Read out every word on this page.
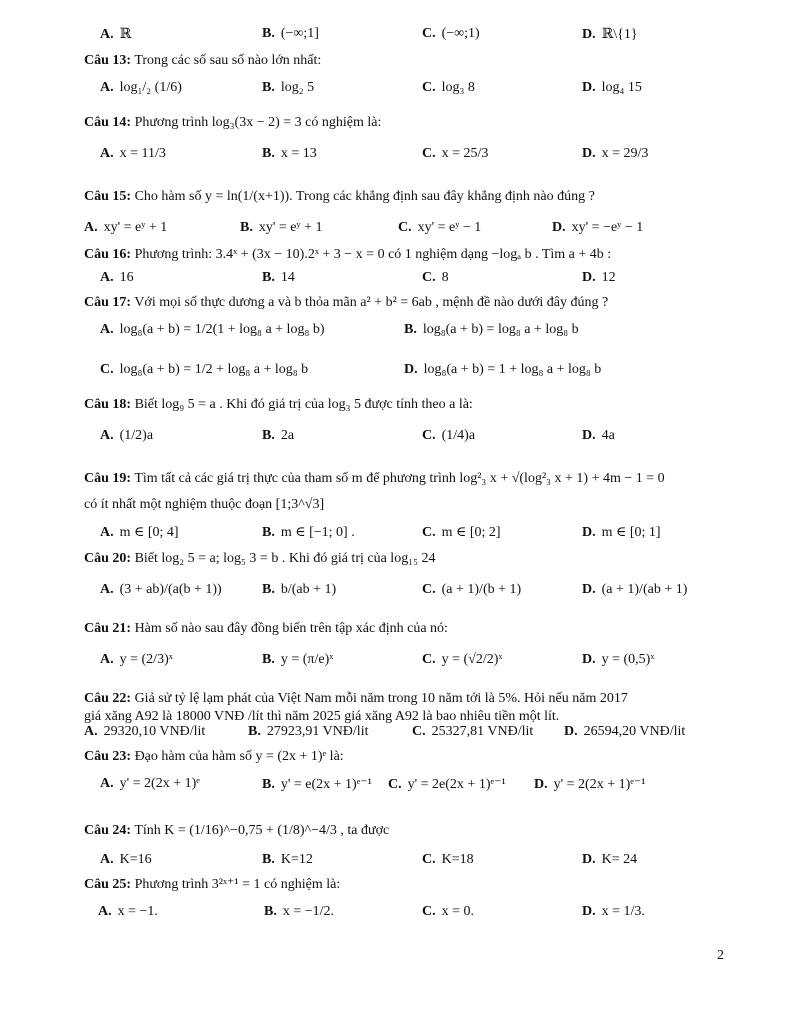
A. ℝ	B. (−∞;1]	C. (−∞;1)	D. ℝ\{1}
Câu 13: Trong các số sau số nào lớn nhất:
A. log₁/₂ (1/6)	B. log₂ 5	C. log₃ 8	D. log₄ 15
Câu 14: Phương trình log₃(3x − 2) = 3 có nghiệm là:
A. x = 11/3	B. x = 13	C. x = 25/3	D. x = 29/3
Câu 15: Cho hàm số y = ln(1/(x+1)). Trong các khẳng định sau đây khẳng định nào đúng ?
A. xy' = eʸ + 1	B. xy' = eʸ + 1	C. xy' = eʸ − 1	D. xy' = −eʸ − 1
Câu 16: Phương trình: 3.4ˣ + (3x − 10).2ˣ + 3 − x = 0 có 1 nghiệm dạng −logₐ b . Tìm a + 4b :
A. 16	B. 14	C. 8	D. 12
Câu 17: Với mọi số thực dương a và b thỏa mãn a² + b² = 6ab , mệnh đề nào dưới đây đúng ?
A. log₈(a + b) = 1/2(1 + log₈ a + log₈ b)	B. log₈(a + b) = log₈ a + log₈ b
C. log₈(a + b) = 1/2 + log₈ a + log₈ b	D. log₈(a + b) = 1 + log₈ a + log₈ b
Câu 18: Biết log₉ 5 = a . Khi đó giá trị của log₃ 5 được tính theo a là:
A. (1/2)a	B. 2a	C. (1/4)a	D. 4a
Câu 19: Tìm tất cả các giá trị thực của tham số m để phương trình log²₃ x + √(log²₃ x + 1) + 4m − 1 = 0
có ít nhất một nghiệm thuộc đoạn [1;3^√3]
A. m ∈ [0; 4]	B. m ∈ [−1; 0] .	C. m ∈ [0; 2]	D. m ∈ [0; 1]
Câu 20: Biết log₂ 5 = a; log₅ 3 = b . Khi đó giá trị của log₁₅ 24
A. (3 + ab)/(a(b + 1))	B. b/(ab + 1)	C. (a + 1)/(b + 1)	D. (a + 1)/(ab + 1)
Câu 21: Hàm số nào sau đây đồng biến trên tập xác định của nó:
A. y = (2/3)ˣ	B. y = (π/e)ˣ	C. y = (√2/2)ˣ	D. y = (0,5)ˣ
Câu 22: Giả sử tỷ lệ lạm phát của Việt Nam mỗi năm trong 10 năm tới là 5%. Hỏi nếu năm 2017
giá xăng A92 là 18000 VNĐ /lít thì năm 2025 giá xăng A92 là bao nhiêu tiền một lít.
A. 29320,10 VNĐ/lit	B. 27923,91 VNĐ/lit	C. 25327,81 VNĐ/lit D. 26594,20 VNĐ/lit
Câu 23: Đạo hàm của hàm số y = (2x + 1)ᵉ là:
A. y' = 2(2x + 1)ᵉ	B. y' = e(2x + 1)ᵉ⁻¹ C. y' = 2e(2x + 1)ᵉ⁻¹ D. y' = 2(2x + 1)ᵉ⁻¹
Câu 24: Tính K = (1/16)^−0,75 + (1/8)^−4/3 , ta được
A. K=16	B. K=12	C. K=18	D. K= 24
Câu 25: Phương trình 3²ˣ⁺¹ = 1 có nghiệm là:
A. x = −1.	B. x = −1/2.	C. x = 0.	D. x = 1/3.
2
